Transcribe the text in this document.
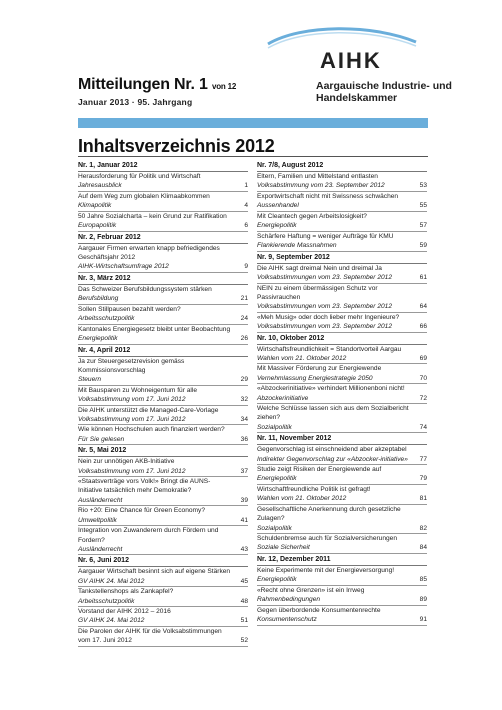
Mitteilungen Nr. 1 von 12
Januar 2013 · 95. Jahrgang
AIHK
Aargauische Industrie- und
Handelskammer
Inhaltsverzeichnis 2012
Nr. 1, Januar 2012
Herausforderung für Politik und Wirtschaft
Jahresausblick	1
Auf dem Weg zum globalen Klimaabkommen
Klimapolitik	4
50 Jahre Sozialcharta – kein Grund zur Ratifikation
Europapolitik	6
Nr. 2, Februar 2012
Aargauer Firmen erwarten knapp befriedigendes Geschäftsjahr 2012
AIHK-Wirtschaftsumfrage 2012	9
Nr. 3, März 2012
Das Schweizer Berufsbildungssystem stärken
Berufsbildung	21
Sollen Stillpausen bezahlt werden?
Arbeitsschutzpolitik	24
Kantonales Energiegesetz bleibt unter Beobachtung
Energiepolitik	26
Nr. 4, April 2012
Ja zur Steuergesetzrevision gemäss Kommissionsvorschlag
Steuern	29
Mit Bausparen zu Wohneigentum für alle
Volksabstimmung vom 17. Juni 2012	32
Die AIHK unterstützt die Managed-Care-Vorlage
Volksabstimmung vom 17. Juni 2012	34
Wie können Hochschulen auch finanziert werden?
Für Sie gelesen	36
Nr. 5, Mai 2012
Nein zur unnötigen AKB-Initiative
Volksabstimmung vom 17. Juni 2012	37
«Staatsverträge vors Volk!» Bringt die AUNS-Initiative tatsächlich mehr Demokratie?
Ausländerrecht	39
Rio +20: Eine Chance für Green Economy?
Umweltpolitik	41
Integration von Zuwanderern durch Fördern und Fordern?
Ausländerrecht	43
Nr. 6, Juni 2012
Aargauer Wirtschaft besinnt sich auf eigene Stärken
GV AIHK 24. Mai 2012	45
Tankstellenshops als Zankapfel?
Arbeitsschutzpolitik	48
Vorstand der AIHK 2012 – 2016
GV AIHK 24. Mai 2012	51
Die Parolen der AIHK für die Volksabstimmungen vom 17. Juni 2012	52
Nr. 7/8, August 2012
Eltern, Familien und Mittelstand entlasten
Volksabstimmung vom 23. September 2012	53
Exportwirtschaft nicht mit Swissness schwächen
Aussenhandel	55
Mit Cleantech gegen Arbeitslosigkeit?
Energiepolitik	57
Schärfere Haftung = weniger Aufträge für KMU
Flankierende Massnahmen	59
Nr. 9, September 2012
Die AIHK sagt dreimal Nein und dreimal Ja
Volksabstimmungen vom 23. September 2012	61
NEIN zu einem übermässigen Schutz vor Passivrauchen
Volksabstimmungen vom 23. September 2012	64
«Meh Musig» oder doch lieber mehr Ingenieure?
Volksabstimmungen vom 23. September 2012	66
Nr. 10, Oktober 2012
Wirtschaftsfreundlichkeit = Standortvorteil Aargau
Wahlen vom 21. Oktober 2012	69
Mit Massiver Förderung zur Energiewende
Vernehmlassung Energiestrategie 2050	70
«Abzockerinitiative» verhindert Millionenboni nicht!
Abzockerinitiative	72
Welche Schlüsse lassen sich aus dem Sozialbericht ziehen?
Sozialpolitik	74
Nr. 11, November 2012
Gegenvorschlag ist einschneidend aber akzeptabel
Indirekter Gegenvorschlag zur «Abzocker-initiative»	77
Studie zeigt Risiken der Energiewende auf
Energiepolitik	79
Wirtschaftfreundliche Politik ist gefragt!
Wahlen vom 21. Oktober 2012	81
Gesellschaftliche Anerkennung durch gesetzliche Zulagen?
Sozialpolitik	82
Schuldenbremse auch für Sozialversicherungen
Soziale Sicherheit	84
Nr. 12, Dezember 2011
Keine Experimente mit der Energieversorgung!
Energiepolitik	85
«Recht ohne Grenzen» ist ein Irrweg
Rahmenbedingungen	89
Gegen überbordende Konsumentenrechte
Konsumentenschutz	91
